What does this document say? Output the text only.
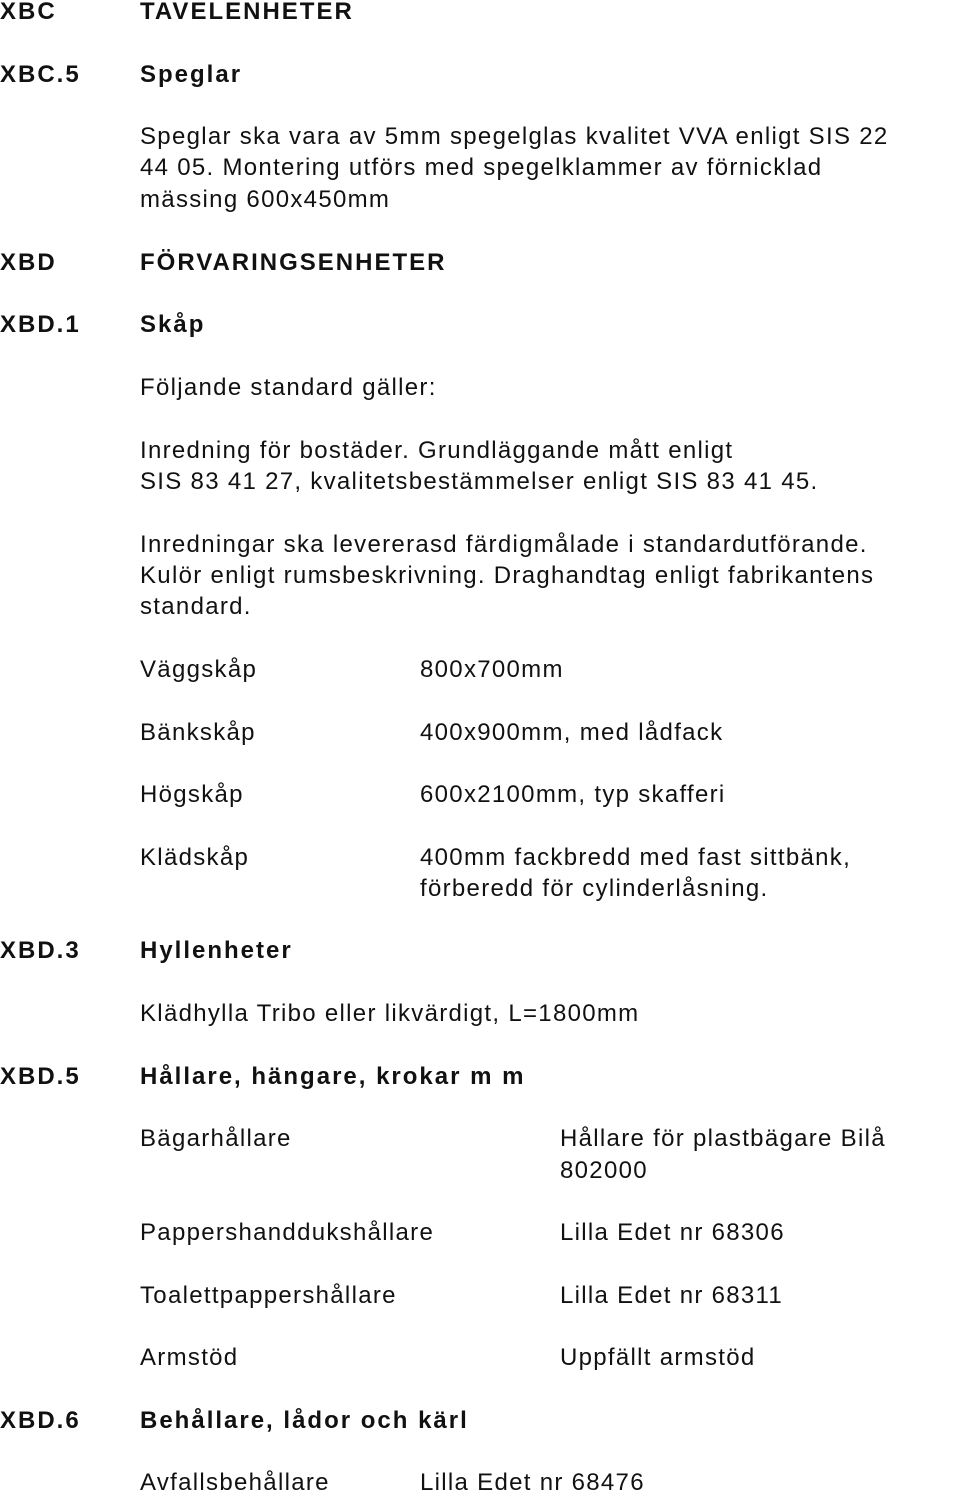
XBC	TAVELENHETER
XBC.5 Speglar
Speglar ska vara av 5mm spegelglas kvalitet VVA enligt SIS 22
44 05. Montering utförs med spegelklammer av förnicklad
mässing 600x450mm
XBD	FÖRVARINGSENHETER
XBD.1 Skåp
Följande standard gäller:
Inredning för bostäder. Grundläggande mått enligt
SIS 83 41 27, kvalitetsbestämmelser enligt SIS 83 41 45.
Inredningar ska levererasd färdigmålade i standardutförande.
Kulör enligt rumsbeskrivning. Draghandtag enligt fabrikantens
standard.
Väggskåp	800x700mm
Bänkskåp	400x900mm, med lådfack
Högskåp	600x2100mm, typ skafferi
Klädskåp	400mm fackbredd med fast sittbänk,
förberedd för cylinderlåsning.
XBD.3 Hyllenheter
Klädhylla Tribo eller likvärdigt, L=1800mm
XBD.5 Hållare, hängare, krokar m m
Bägarhållare	Hållare för plastbägare Bilå
802000
Pappershanddukshållare	Lilla Edet nr 68306
Toalettpappershållare	Lilla Edet nr 68311
Armstöd	Uppfällt armstöd
XBD.6 Behållare, lådor och kärl
Avfallsbehållare	Lilla Edet nr 68476
